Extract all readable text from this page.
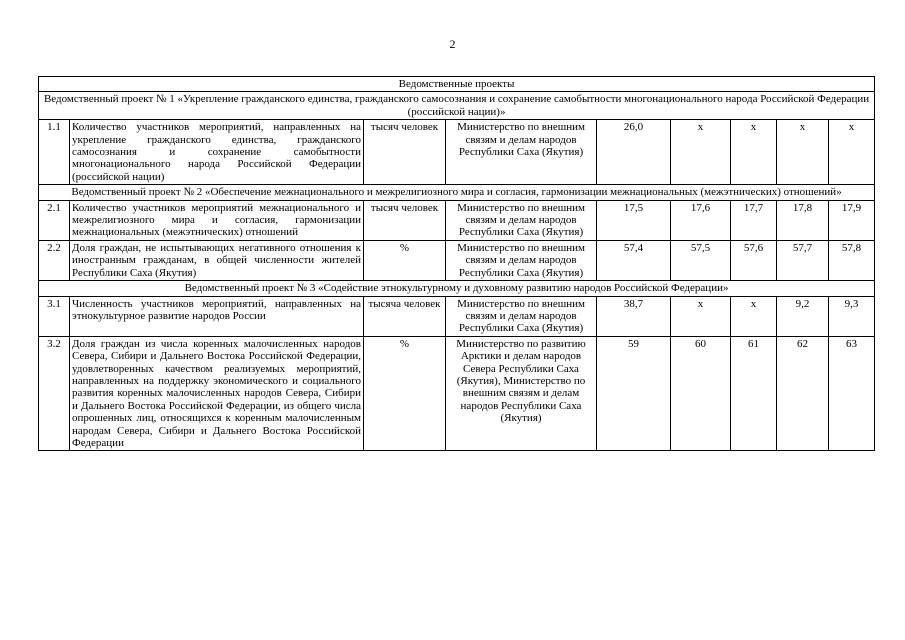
2
Ведомственные проекты								
Ведомственный проект № 1 «Укрепление гражданского единства, гражданского самосознания и сохранение самобытности многонационального народа Российской Федерации (российской нации)»								
1.1	Количество участников мероприятий, направленных на укрепление гражданского единства, гражданского самосознания и сохранение самобытности многонационального народа Российской Федерации (российской нации)	тысяч человек	Министерство по внешним связям и делам народов Республики Саха (Якутия)	26,0	x	x	x	x
Ведомственный проект № 2 «Обеспечение межнационального и межрелигиозного мира и согласия, гармонизации межнациональных (межэтнических) отношений»								
2.1	Количество участников мероприятий межнационального и межрелигиозного мира и согласия, гармонизации межнациональных (межэтнических) отношений	тысяч человек	Министерство по внешним связям и делам народов Республики Саха (Якутия)	17,5	17,6	17,7	17,8	17,9
2.2	Доля граждан, не испытывающих негативного отношения к иностранным гражданам, в общей численности жителей Республики Саха (Якутия)	%	Министерство по внешним связям и делам народов Республики Саха (Якутия)	57,4	57,5	57,6	57,7	57,8
Ведомственный проект № 3 «Содействие этнокультурному и духовному развитию народов Российской Федерации»								
3.1	Численность участников мероприятий, направленных на этнокультурное развитие народов России	тысяча человек	Министерство по внешним связям и делам народов Республики Саха (Якутия)	38,7	x	x	9,2	9,3
3.2	Доля граждан из числа коренных малочисленных народов Севера, Сибири и Дальнего Востока Российской Федерации, удовлетворенных качеством реализуемых мероприятий, направленных на поддержку экономического и социального развития коренных малочисленных народов Севера, Сибири и Дальнего Востока Российской Федерации, из общего числа опрошенных лиц, относящихся к коренным малочисленным народам Севера, Сибири и Дальнего Востока Российской Федерации	%	Министерство по развитию Арктики и делам народов Севера Республики Саха (Якутия), Министерство по внешним связям и делам народов Республики Саха (Якутия)	59	60	61	62	63
